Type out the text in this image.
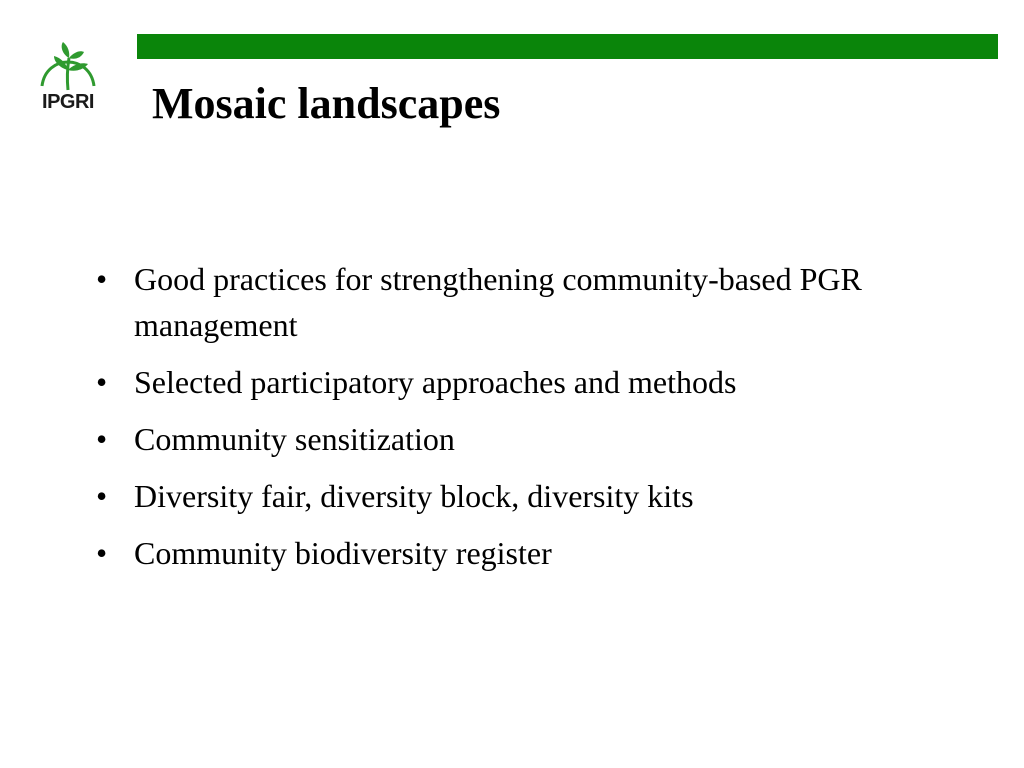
IPGRI Mosaic landscapes
• Good practices for strengthening community-based PGR management
• Selected participatory approaches and methods
• Community sensitization
• Diversity fair, diversity block, diversity kits
• Community biodiversity register
